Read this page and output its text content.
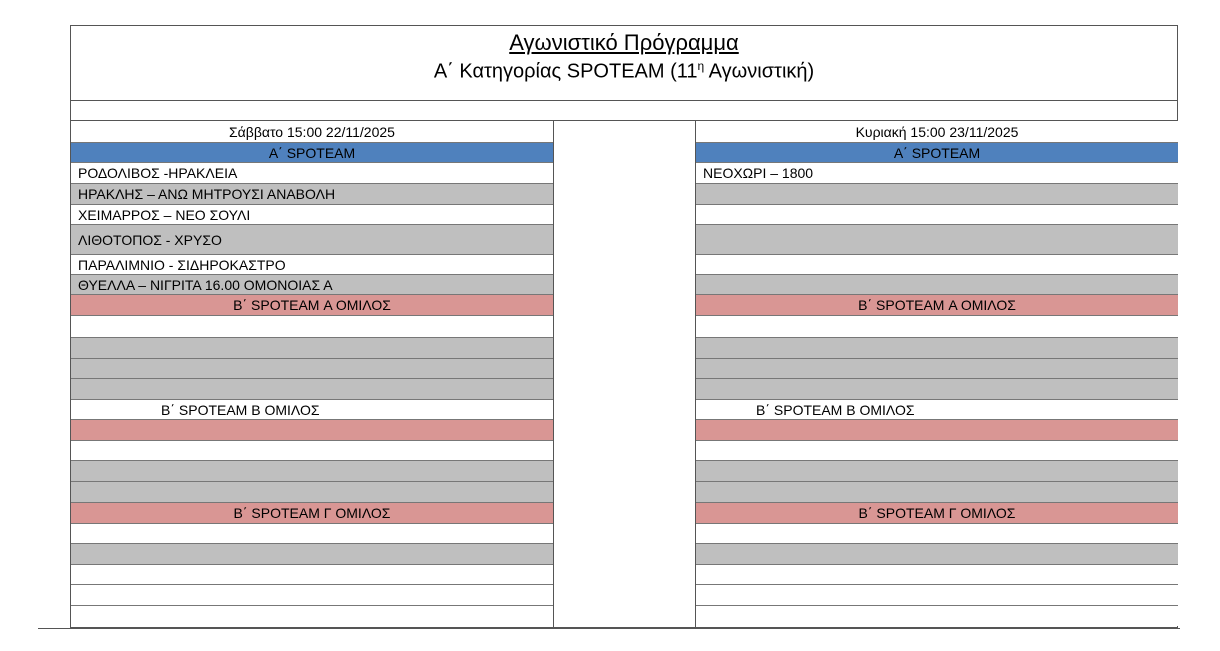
Αγωνιστικό Πρόγραμμα
Α΄ Κατηγορίας SPOTEAM ($11^\eta$ Αγωνιστική)
Σάββατο 15:00 22/11/2025
Α΄ SPOTEAM
ΡΟΔΟΛΙΒΟΣ -ΗΡΑΚΛΕΙΑ
ΗΡΑΚΛΗΣ – ΑΝΩ ΜΗΤΡΟΥΣΙ ΑΝΑΒΟΛΗ
ΧΕΙΜΑΡΡΟΣ – ΝΕΟ ΣΟΥΛΙ
ΛΙΘΟΤΟΠΟΣ - ΧΡΥΣΟ
ΠΑΡΑΛΙΜΝΙΟ - ΣΙΔΗΡΟΚΑΣΤΡΟ
ΘΥΕΛΛΑ – ΝΙΓΡΙΤΑ 16.00 ΟΜΟΝΟΙΑΣ Α
Β΄ SPOTEAM Α ΟΜΙΛΟΣ
Β΄ SPOTEAM Β ΟΜΙΛΟΣ
Β΄ SPOTEAM Γ ΟΜΙΛΟΣ
Κυριακή 15:00 23/11/2025
Α΄ SPOTEAM
ΝΕΟΧΩΡΙ – 1800
Β΄ SPOTEAM Α ΟΜΙΛΟΣ
Β΄ SPOTEAM Β ΟΜΙΛΟΣ
Β΄ SPOTEAM Γ ΟΜΙΛΟΣ
